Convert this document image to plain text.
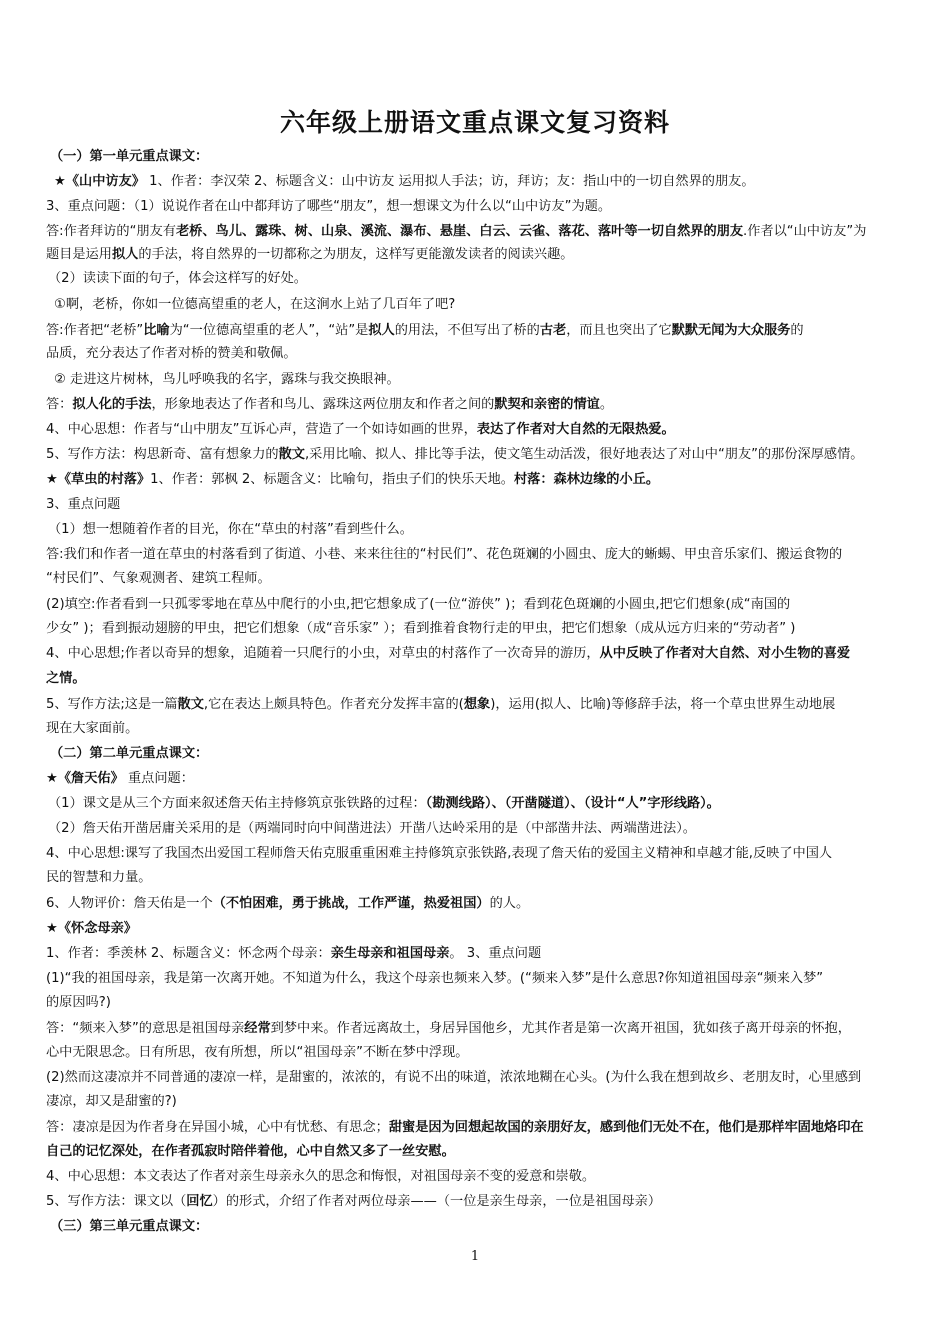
六年级上册语文重点课文复习资料
（一）第一单元重点课文：
★《山中访友》 1、作者：李汉荣 2、标题含义：山中访友 运用拟人手法；访，拜访；友：指山中的一切自然界的朋友。
3、重点问题：（1）说说作者在山中都拜访了哪些“朋友”，想一想课文为什么以“山中访友”为题。
答:作者拜访的“朋友有老桥、鸟儿、露珠、树、山泉、溪流、瀑布、悬崖、白云、云雀、落花、落叶等一切自然界的朋友.作者以“山中访友”为
题目是运用拟人的手法，将自然界的一切都称之为朋友，这样写更能激发读者的阅读兴趣。
（2）读读下面的句子，体会这样写的好处。
①啊，老桥，你如一位德高望重的老人，在这涧水上站了几百年了吧?
答:作者把“老桥”比喻为“一位德高望重的老人”，“站”是拟人的用法，不但写出了桥的古老，而且也突出了它默默无闻为大众服务的
品质，充分表达了作者对桥的赞美和敬佩。
② 走进这片树林，鸟儿呼唤我的名字，露珠与我交换眼神。
答：拟人化的手法，形象地表达了作者和鸟儿、露珠这两位朋友和作者之间的默契和亲密的情谊。
4、中心思想：作者与“山中朋友”互诉心声，营造了一个如诗如画的世界，表达了作者对大自然的无限热爱。
5、写作方法：构思新奇、富有想象力的散文,采用比喻、拟人、排比等手法，使文笔生动活泼，很好地表达了对山中“朋友”的那份深厚感情。
★《草虫的村落》1、作者：郭枫 2、标题含义：比喻句，指虫子们的快乐天地。村落：森林边缘的小丘。
3、重点问题
（1）想一想随着作者的目光，你在“草虫的村落”看到些什么。
答:我们和作者一道在草虫的村落看到了街道、小巷、来来往往的“村民们”、花色斑斓的小圆虫、庞大的蜥蜴、甲虫音乐家们、搬运食物的
“村民们”、气象观测者、建筑工程师。
(2)填空:作者看到一只孤零零地在草丛中爬行的小虫,把它想象成了(一位“游侠” )；看到花色斑斓的小圆虫,把它们想象(成“南国的
少女” )；看到振动翅膀的甲虫，把它们想象（成“音乐家” ）；看到推着食物行走的甲虫，把它们想象（成从远方归来的“劳动者” )
4、中心思想;作者以奇异的想象，追随着一只爬行的小虫，对草虫的村落作了一次奇异的游历，从中反映了作者对大自然、对小生物的喜爱
之情。
5、写作方法;这是一篇散文,它在表达上颇具特色。作者充分发挥丰富的(想象)，运用(拟人、比喻)等修辞手法，将一个草虫世界生动地展
现在大家面前。
（二）第二单元重点课文：
★《詹天佑》 重点问题：
（1）课文是从三个方面来叙述詹天佑主持修筑京张铁路的过程：（勘测线路）、（开凿隧道）、（设计“人”字形线路）。
（2）詹天佑开凿居庸关采用的是（两端同时向中间凿进法）开凿八达岭采用的是（中部凿井法、两端凿进法）。
4、中心思想:课写了我国杰出爱国工程师詹天佑克服重重困难主持修筑京张铁路,表现了詹天佑的爱国主义精神和卓越才能,反映了中国人
民的智慧和力量。
6、人物评价：詹天佑是一个（不怕困难，勇于挑战，工作严谨，热爱祖国）的人。
★《怀念母亲》
1、作者：季羡林 2、标题含义：怀念两个母亲：亲生母亲和祖国母亲。 3、重点问题
(1)“我的祖国母亲，我是第一次离开她。不知道为什么，我这个母亲也频来入梦。(“频来入梦”是什么意思?你知道祖国母亲“频来入梦”
的原因吗?)
答：“频来入梦”的意思是祖国母亲经常到梦中来。作者远离故土，身居异国他乡，尤其作者是第一次离开祖国，犹如孩子离开母亲的怀抱，
心中无限思念。日有所思，夜有所想，所以“祖国母亲”不断在梦中浮现。
(2)然而这凄凉并不同普通的凄凉一样，是甜蜜的，浓浓的，有说不出的味道，浓浓地糊在心头。(为什么我在想到故乡、老朋友时，心里感到
凄凉，却又是甜蜜的?)
答：凄凉是因为作者身在异国小城，心中有忧愁、有思念；甜蜜是因为回想起故国的亲朋好友，感到他们无处不在，他们是那样牢固地烙印在
自己的记忆深处，在作者孤寂时陪伴着他，心中自然又多了一丝安慰。
4、中心思想：本文表达了作者对亲生母亲永久的思念和悔恨，对祖国母亲不变的爱意和崇敬。
5、写作方法：课文以（回忆）的形式，介绍了作者对两位母亲——（一位是亲生母亲，一位是祖国母亲）
（三）第三单元重点课文：
1
